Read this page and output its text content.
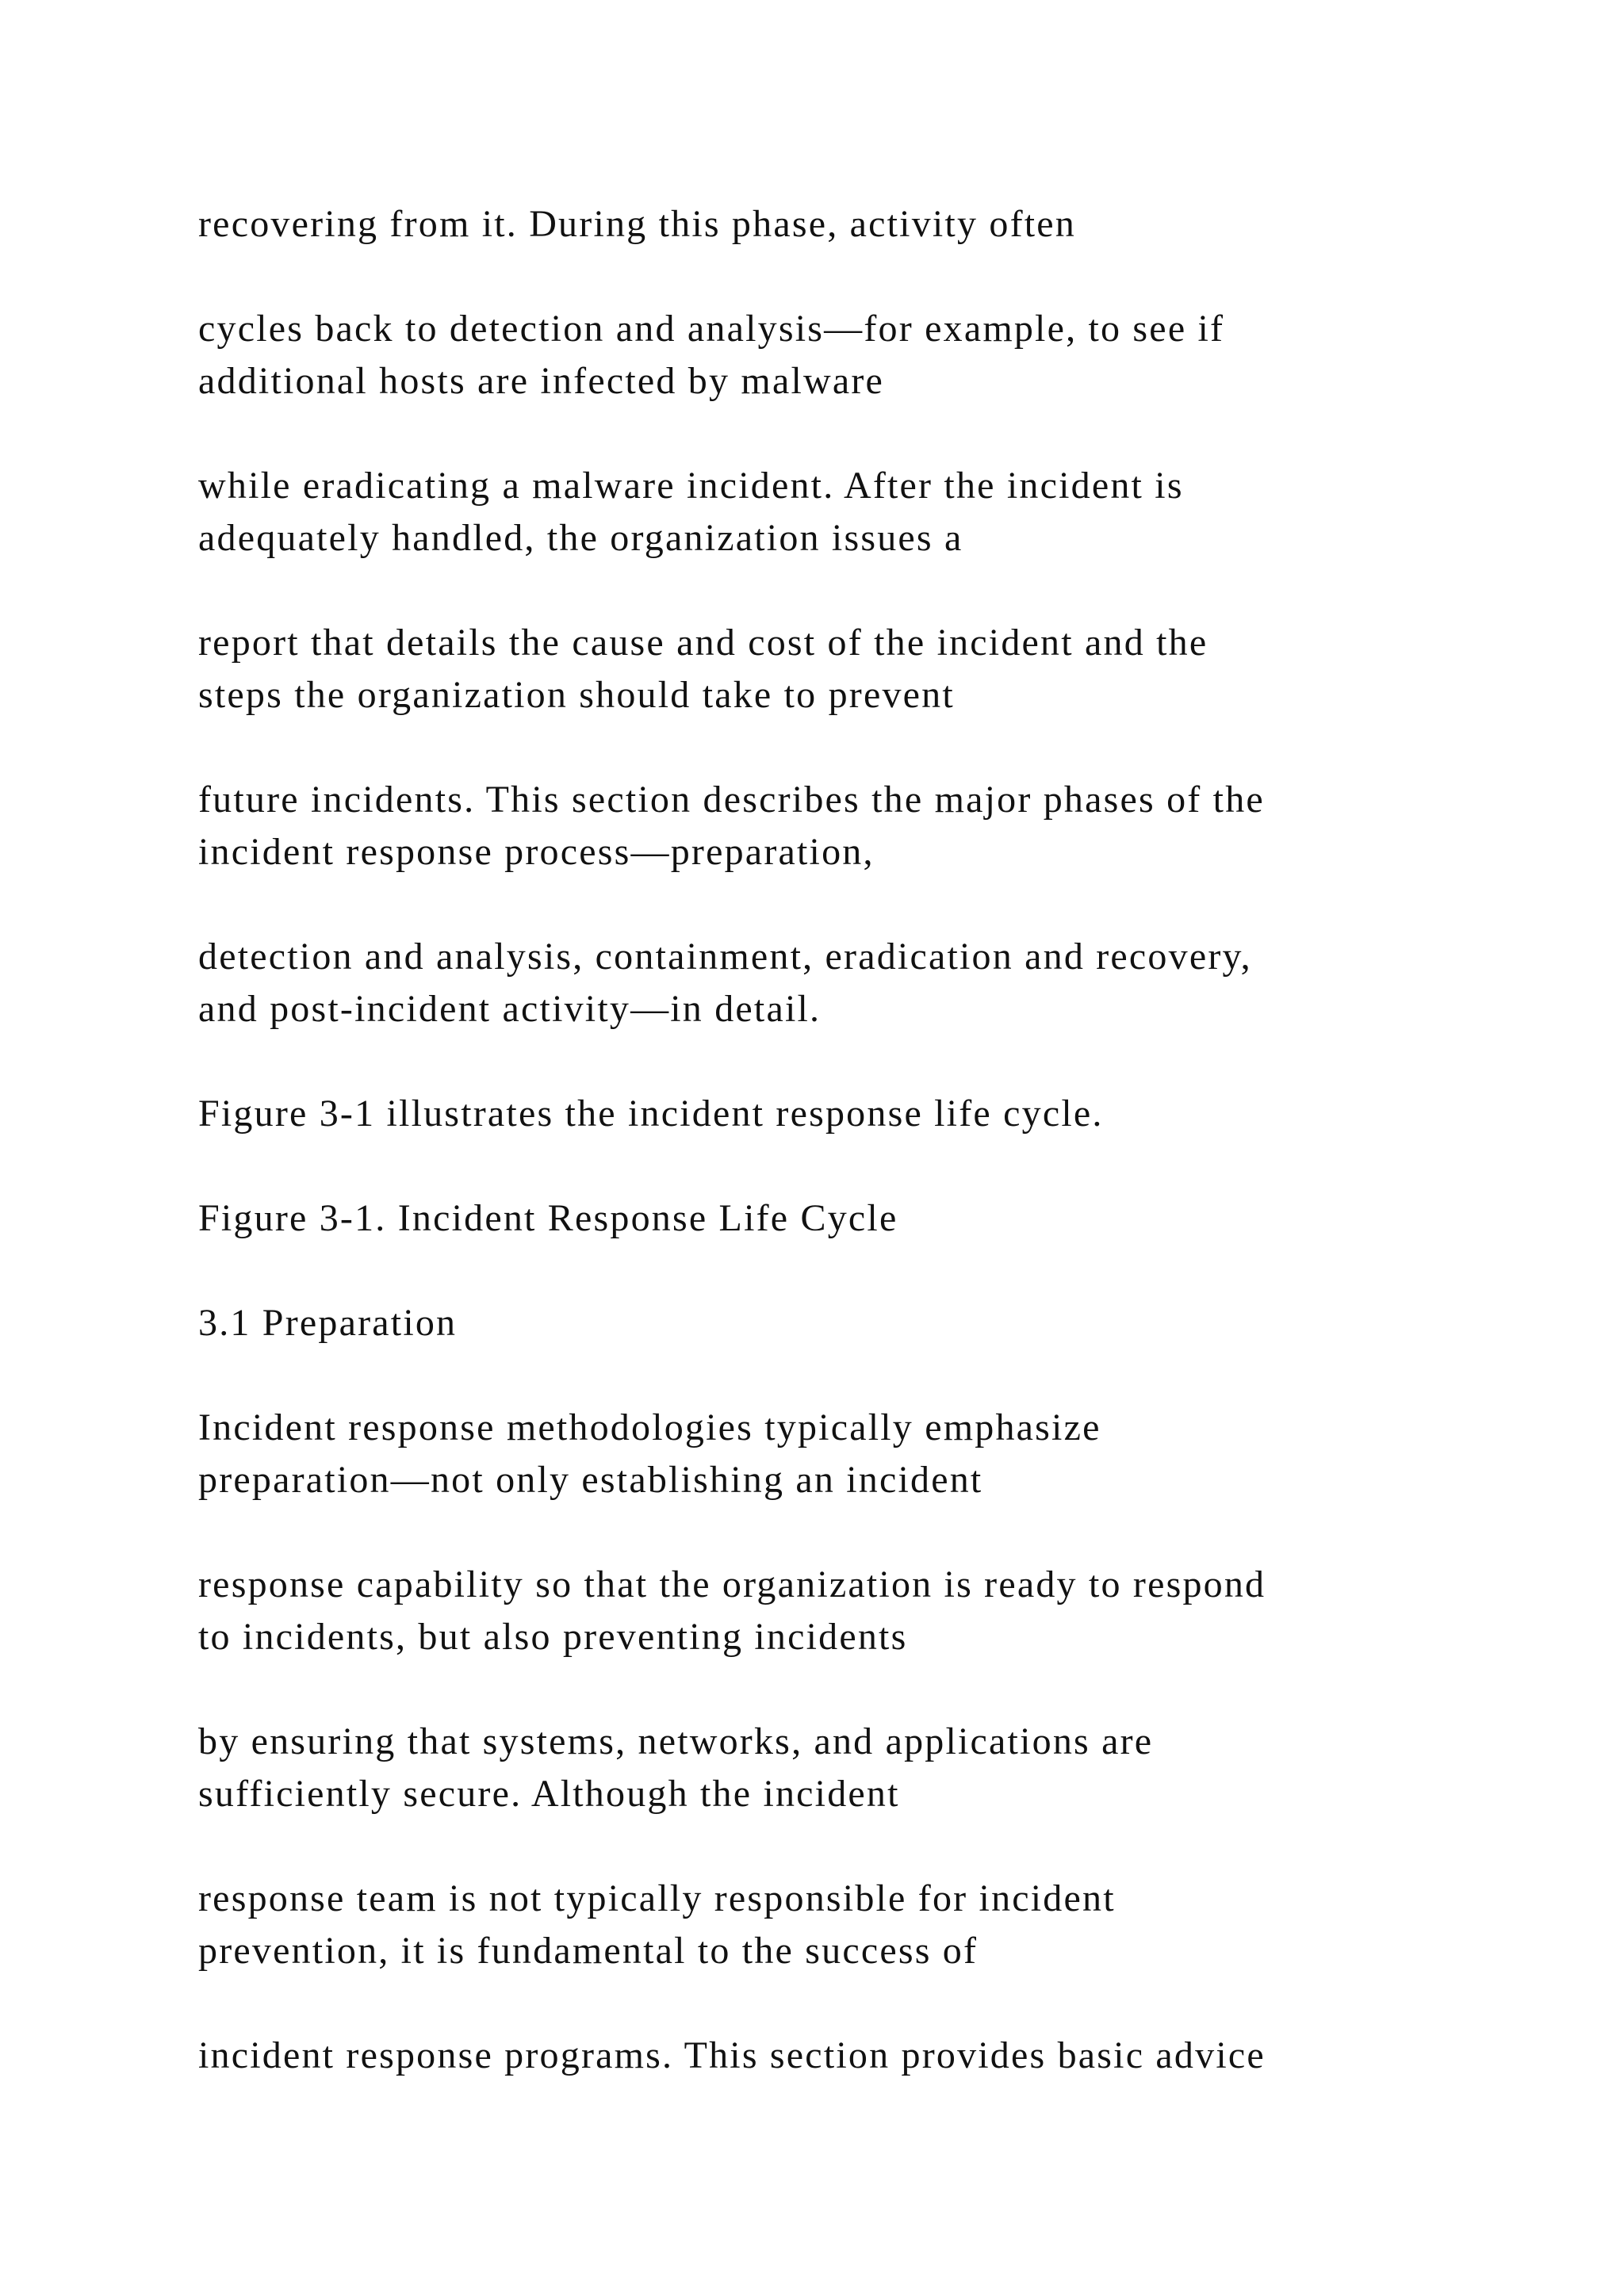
recovering from it. During this phase, activity often

cycles back to detection and analysis—for example, to see if
additional hosts are infected by malware

while eradicating a malware incident. After the incident is
adequately handled, the organization issues a

report that details the cause and cost of the incident and the
steps the organization should take to prevent

future incidents. This section describes the major phases of the
incident response process—preparation,

detection and analysis, containment, eradication and recovery,
and post-incident activity—in detail.

Figure 3-1 illustrates the incident response life cycle.

Figure 3-1. Incident Response Life Cycle

3.1 Preparation

Incident response methodologies typically emphasize
preparation—not only establishing an incident

response capability so that the organization is ready to respond
to incidents, but also preventing incidents

by ensuring that systems, networks, and applications are
sufficiently secure. Although the incident

response team is not typically responsible for incident
prevention, it is fundamental to the success of

incident response programs. This section provides basic advice
